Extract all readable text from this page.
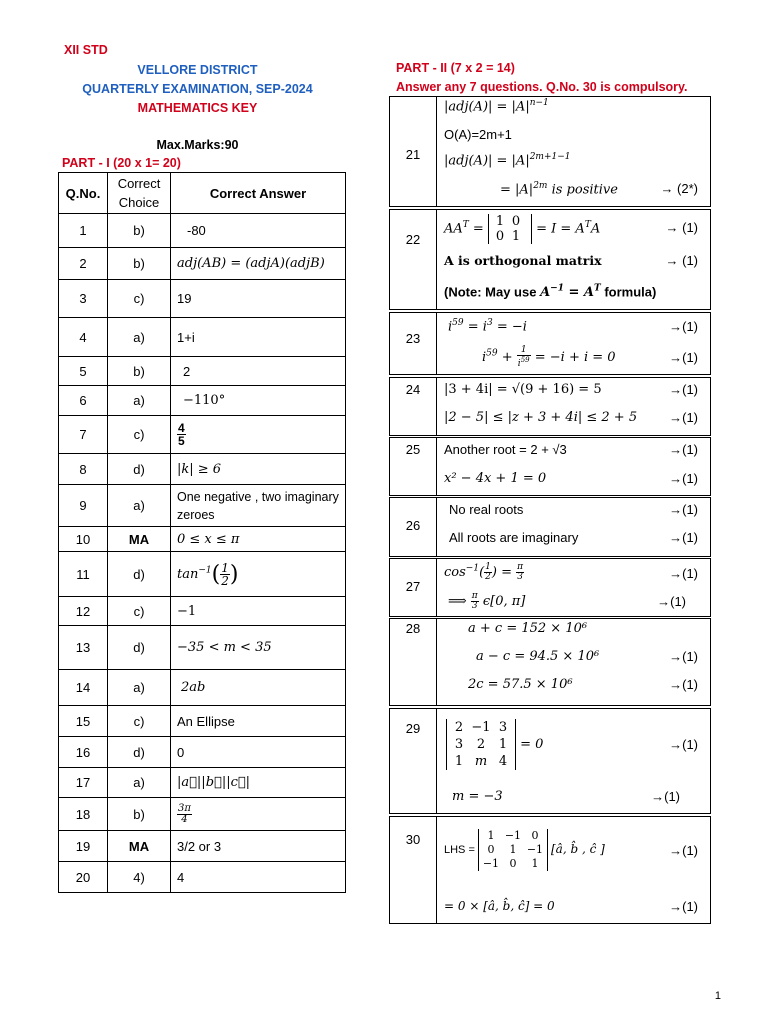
XII STD
VELLORE DISTRICT
QUARTERLY EXAMINATION, SEP-2024
MATHEMATICS KEY
Max.Marks:90
PART - I (20 x 1= 20)
PART - II (7 x 2 = 14)
Answer any 7 questions. Q.No. 30 is compulsory.
Q.No.	Correct Choice	Correct Answer
1	b)	-80
2	b)	adj(AB) = (adjA)(adjB)
3	c)	19
4	a)	1+i
5	b)	2
6	a)	−110°
7	c)	$\frac{4}{5}$

8	d)	|k| ≥ 6
9	a)	One negative , two imaginary zeroes
10	MA	0 ≤ x ≤ π
11	d)	$\tan^{-1}( \frac{1}{2}$ )
12	c)	−1
13	d)	−35 < m < 35
14	a)	2ab
15	c)	An Ellipse
16	d)	0
17	a)	|a⃗||b⃗||c⃗|
18	b)	$\frac{3\pi}{4}$

19	MA	3/2 or 3
20	4)	4
21
$|adj(A)| = |A|^{n-1}$
O(A)=2m+1
$|adj(A)| = |A|^{2m+1-1}$
= $|A|^{2m}$ is positive	→ (2*)
22
$AA^T = 1$ 0
0 $1 = I = A^TA$	→ (1)
A is orthogonal matrix	→ (1)
(Note: May use $A^{-1} = A^T$ formula)
23
$i^{59} = i^3 = -i$	→(1)
$i^{59} + \frac{1}{i^{59}} = -i + i = 0$	→(1)
24	|3 + 4i| = √(9 + 16) = 5	→(1)
|2 − 5| ≤ |z + 3 + 4i| ≤ 2 + 5 →(1)
25	Another root = 2 + √3	→(1)
x² − 4x + 1 = 0	→(1)
26
No real roots	→(1)
All roots are imaginary	→(1)
27
$\cos^{-1}( \frac{1}{2}$ ) = $\frac{\pi}{3}$	→(1)
⟹ $\frac{\pi}{3} \epsilon[0$, π]	→(1)
28	a + c = 152 × 10⁶
a − c = 94.5 × 10⁶	→(1)
2c = 57.5 × 10⁶	→(1)
29	2 −1 3
3 2 1
1 m 4 = 0	→(1)
m = −3	→(1)
30
LHS = 1 −1 0
0 1 −1
−1 0 1 [â, b̂ , ĉ ]	→(1)
= 0 × [â, b̂, ĉ] = 0	→(1)
1
